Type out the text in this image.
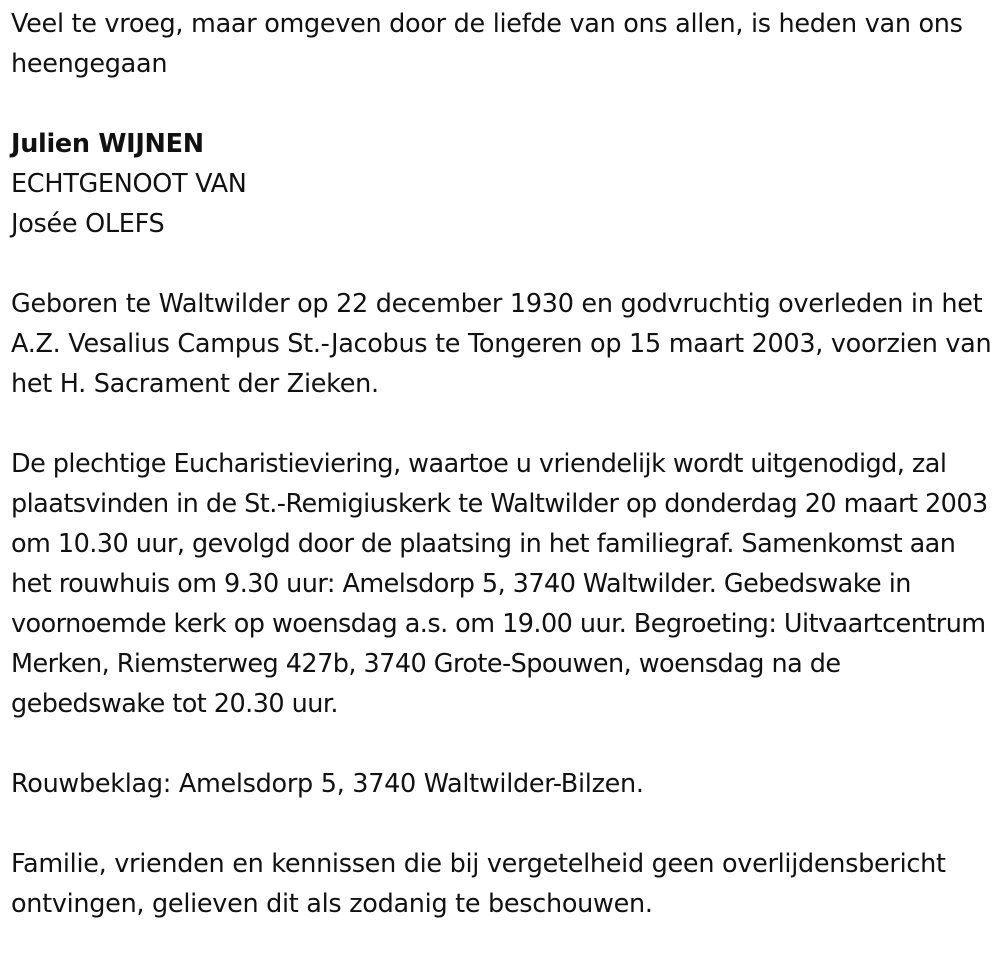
Veel te vroeg, maar omgeven door de liefde van ons allen, is heden van ons heengegaan

Julien WIJNEN

ECHTGENOOT VAN

Josée OLEFS

Geboren te Waltwilder op 22 december 1930 en godvruchtig overleden in het A.Z. Vesalius Campus St.-Jacobus te Tongeren op 15 maart 2003, voorzien van het H. Sacrament der Zieken.

De plechtige Eucharistieviering, waartoe u vriendelijk wordt uitgenodigd, zal plaatsvinden in de St.-Remigiuskerk te Waltwilder op donderdag 20 maart 2003 om 10.30 uur, gevolgd door de plaatsing in het familiegraf. Samenkomst aan het rouwhuis om 9.30 uur: Amelsdorp 5, 3740 Waltwilder. Gebedswake in voornoemde kerk op woensdag a.s. om 19.00 uur. Begroeting: Uitvaartcentrum Merken, Riemsterweg 427b, 3740 Grote-Spouwen, woensdag na de gebedswake tot 20.30 uur.

Rouwbeklag: Amelsdorp 5, 3740 Waltwilder-Bilzen.

Familie, vrienden en kennissen die bij vergetelheid geen overlijdensbericht ontvingen, gelieven dit als zodanig te beschouwen.
